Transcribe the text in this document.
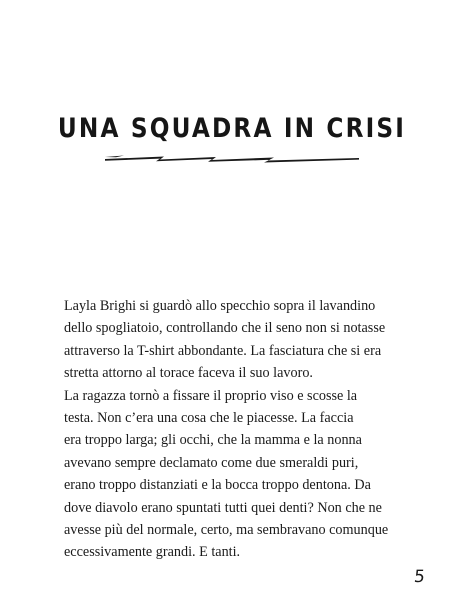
UNA SQUADRA IN CRISI
Layla Brighi si guardò allo specchio sopra il lavandino
dello spogliatoio, controllando che il seno non si notasse
attraverso la T-shirt abbondante. La fasciatura che si era
stretta attorno al torace faceva il suo lavoro.
La ragazza tornò a fissare il proprio viso e scosse la
testa. Non c’era una cosa che le piacesse. La faccia
era troppo larga; gli occhi, che la mamma e la nonna
avevano sempre declamato come due smeraldi puri,
erano troppo distanziati e la bocca troppo dentona. Da
dove diavolo erano spuntati tutti quei denti? Non che ne
avesse più del normale, certo, ma sembravano comunque
eccessivamente grandi. E tanti.
5
